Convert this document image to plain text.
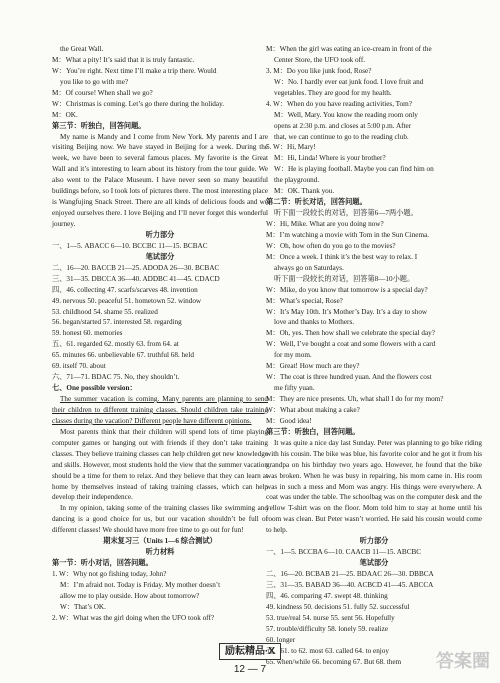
the Great Wall.

M：What a pity! It’s said that it is truly fantastic.

W：You’re right. Next time I’ll make a trip there. Would

you like to go with me?

M：Of course! When shall we go?

W：Christmas is coming. Let’s go there during the holiday.

M：OK.

第三节：听独白，回答问题。

My name is Mandy and I come from New York. My parents and I are visiting Beijing now. We have stayed in Beijing for a week. During the week, we have been to several famous places. My favorite is the Great Wall and it’s interesting to learn about its history from the tour guide. We also went to the Palace Museum. I have never seen so many beautiful buildings before, so I took lots of pictures there. The most interesting place is Wangfujing Snack Street. There are all kinds of delicious foods and we enjoyed ourselves there. I love Beijing and I’ll never forget this wonderful journey.

听力部分

一、1—5. ABACC 6—10. BCCBC 11—15. BCBAC

笔试部分

二、16—20. BACCB 21—25. ADODA 26—30. BCBAC

三、31—35. DBCCA 36—40. ADDBC 41—45. CDACD

四、46. collecting 47. scarfs/scarves 48. invention

49. nervous 50. peaceful 51. hometown 52. window

53. childhood 54. shame 55. realized

56. began/started 57. interested 58. regarding

59. honest 60. memories

五、61. regarded 62. mostly 63. from 64. at

65. minutes 66. unbelievable 67. truthful 68. held

69. itself 70. about

六、71—71. BDAC 75. No, they shouldn’t.

七、One possible version：

The summer vacation is coming. Many parents are planning to send their children to different training classes. Should children take training classes during the vacation? Different people have different opinions.

Most parents think that their children will spend lots of time playing computer games or hanging out with friends if they don’t take training classes. They believe training classes can help children get new knowledge and skills. However, most students hold the view that the summer vacation should be a time for them to relax. And they believe that they can learn at home by themselves instead of taking training classes, which can help develop their independence.

In my opinion, taking some of the training classes like swimming and dancing is a good choice for us, but our vacation shouldn’t be full of different classes! We should have more free time to go out for fun!

期末复习三（Units 1—6 综合测试）

听力材料

第一节：听小对话，回答问题。

1. W：Why not go fishing today, John?

M：I’m afraid not. Today is Friday. My mother doesn’t

allow me to play outside. How about tomorrow?

W：That’s OK.

2. W：What was the girl doing when the UFO took off?

M：When the girl was eating an ice-cream in front of the

Center Store, the UFO took off.

3. M：Do you like junk food, Rose?

W：No. I hardly ever eat junk food. I love fruit and

vegetables. They are good for my health.

4. W：When do you have reading activities, Tom?

M：Well, Mary. You know the reading room only

opens at 2:30 p.m. and closes at 5:00 p.m. After

that, we can continue to go to the reading club.

5. W：Hi, Mary!

M：Hi, Linda! Where is your brother?

W：He is playing football. Maybe you can find him on

the playground.

M：OK. Thank you.

第二节：听长对话，回答问题。

听下面一段较长的对话，回答第6—7两小题。

W：Hi, Mike. What are you doing now?

M：I’m watching a movie with Tom in the Sun Cinema.

W：Oh, how often do you go to the movies?

M：Once a week. I think it’s the best way to relax. I

always go on Saturdays.

听下面一段较长的对话，回答第8—10小题。

W：Mike, do you know that tomorrow is a special day?

M：What’s special, Rose?

W：It’s May 10th. It’s Mother’s Day. It’s a day to show

love and thanks to Mothers.

M：Oh, yes. Then how shall we celebrate the special day?

W：Well, I’ve bought a coat and some flowers with a card

for my mom.

M：Great! How much are they?

W：The coat is three hundred yuan. And the flowers cost

me fifty yuan.

M：They are nice presents. Uh, what shall I do for my mom?

W：What about making a cake?

M：Good idea!

第三节：听独白，回答问题。

It was quite a nice day last Sunday. Peter was planning to go bike riding with his cousin. The bike was blue, his favorite color and he got it from his grandpa on his birthday two years ago. However, he found that the bike was broken. When he was busy in repairing, his mom came in. His room was in such a mess and Mom was angry. His things were everywhere. A coat was under the table. The schoolbag was on the computer desk and the yellow T-shirt was on the floor. Mom told him to stay at home until his room was clean. But Peter wasn’t worried. He said his cousin would come to help.

听力部分

一、1—5. BCCBA 6—10. CAACB 11—15. ABCBC

笔试部分

二、16—20. BCBAB 21—25. BDAAC 26—30. DBBCA

三、31—35. BABAD 36—40. ACBCD 41—45. ABCCA

四、46. comparing 47. swept 48. thinking

49. kindness 50. decisions 51. fully 52. successful

53. true/real 54. nurse 55. sent 56. Hopefully

57. trouble/difficulty 58. lonely 59. realize

60. longer

五、61. to 62. most 63. called 64. to enjoy

65. when/while 66. becoming 67. But 68. them

励耘精品·X
12 — 7	答案圈
